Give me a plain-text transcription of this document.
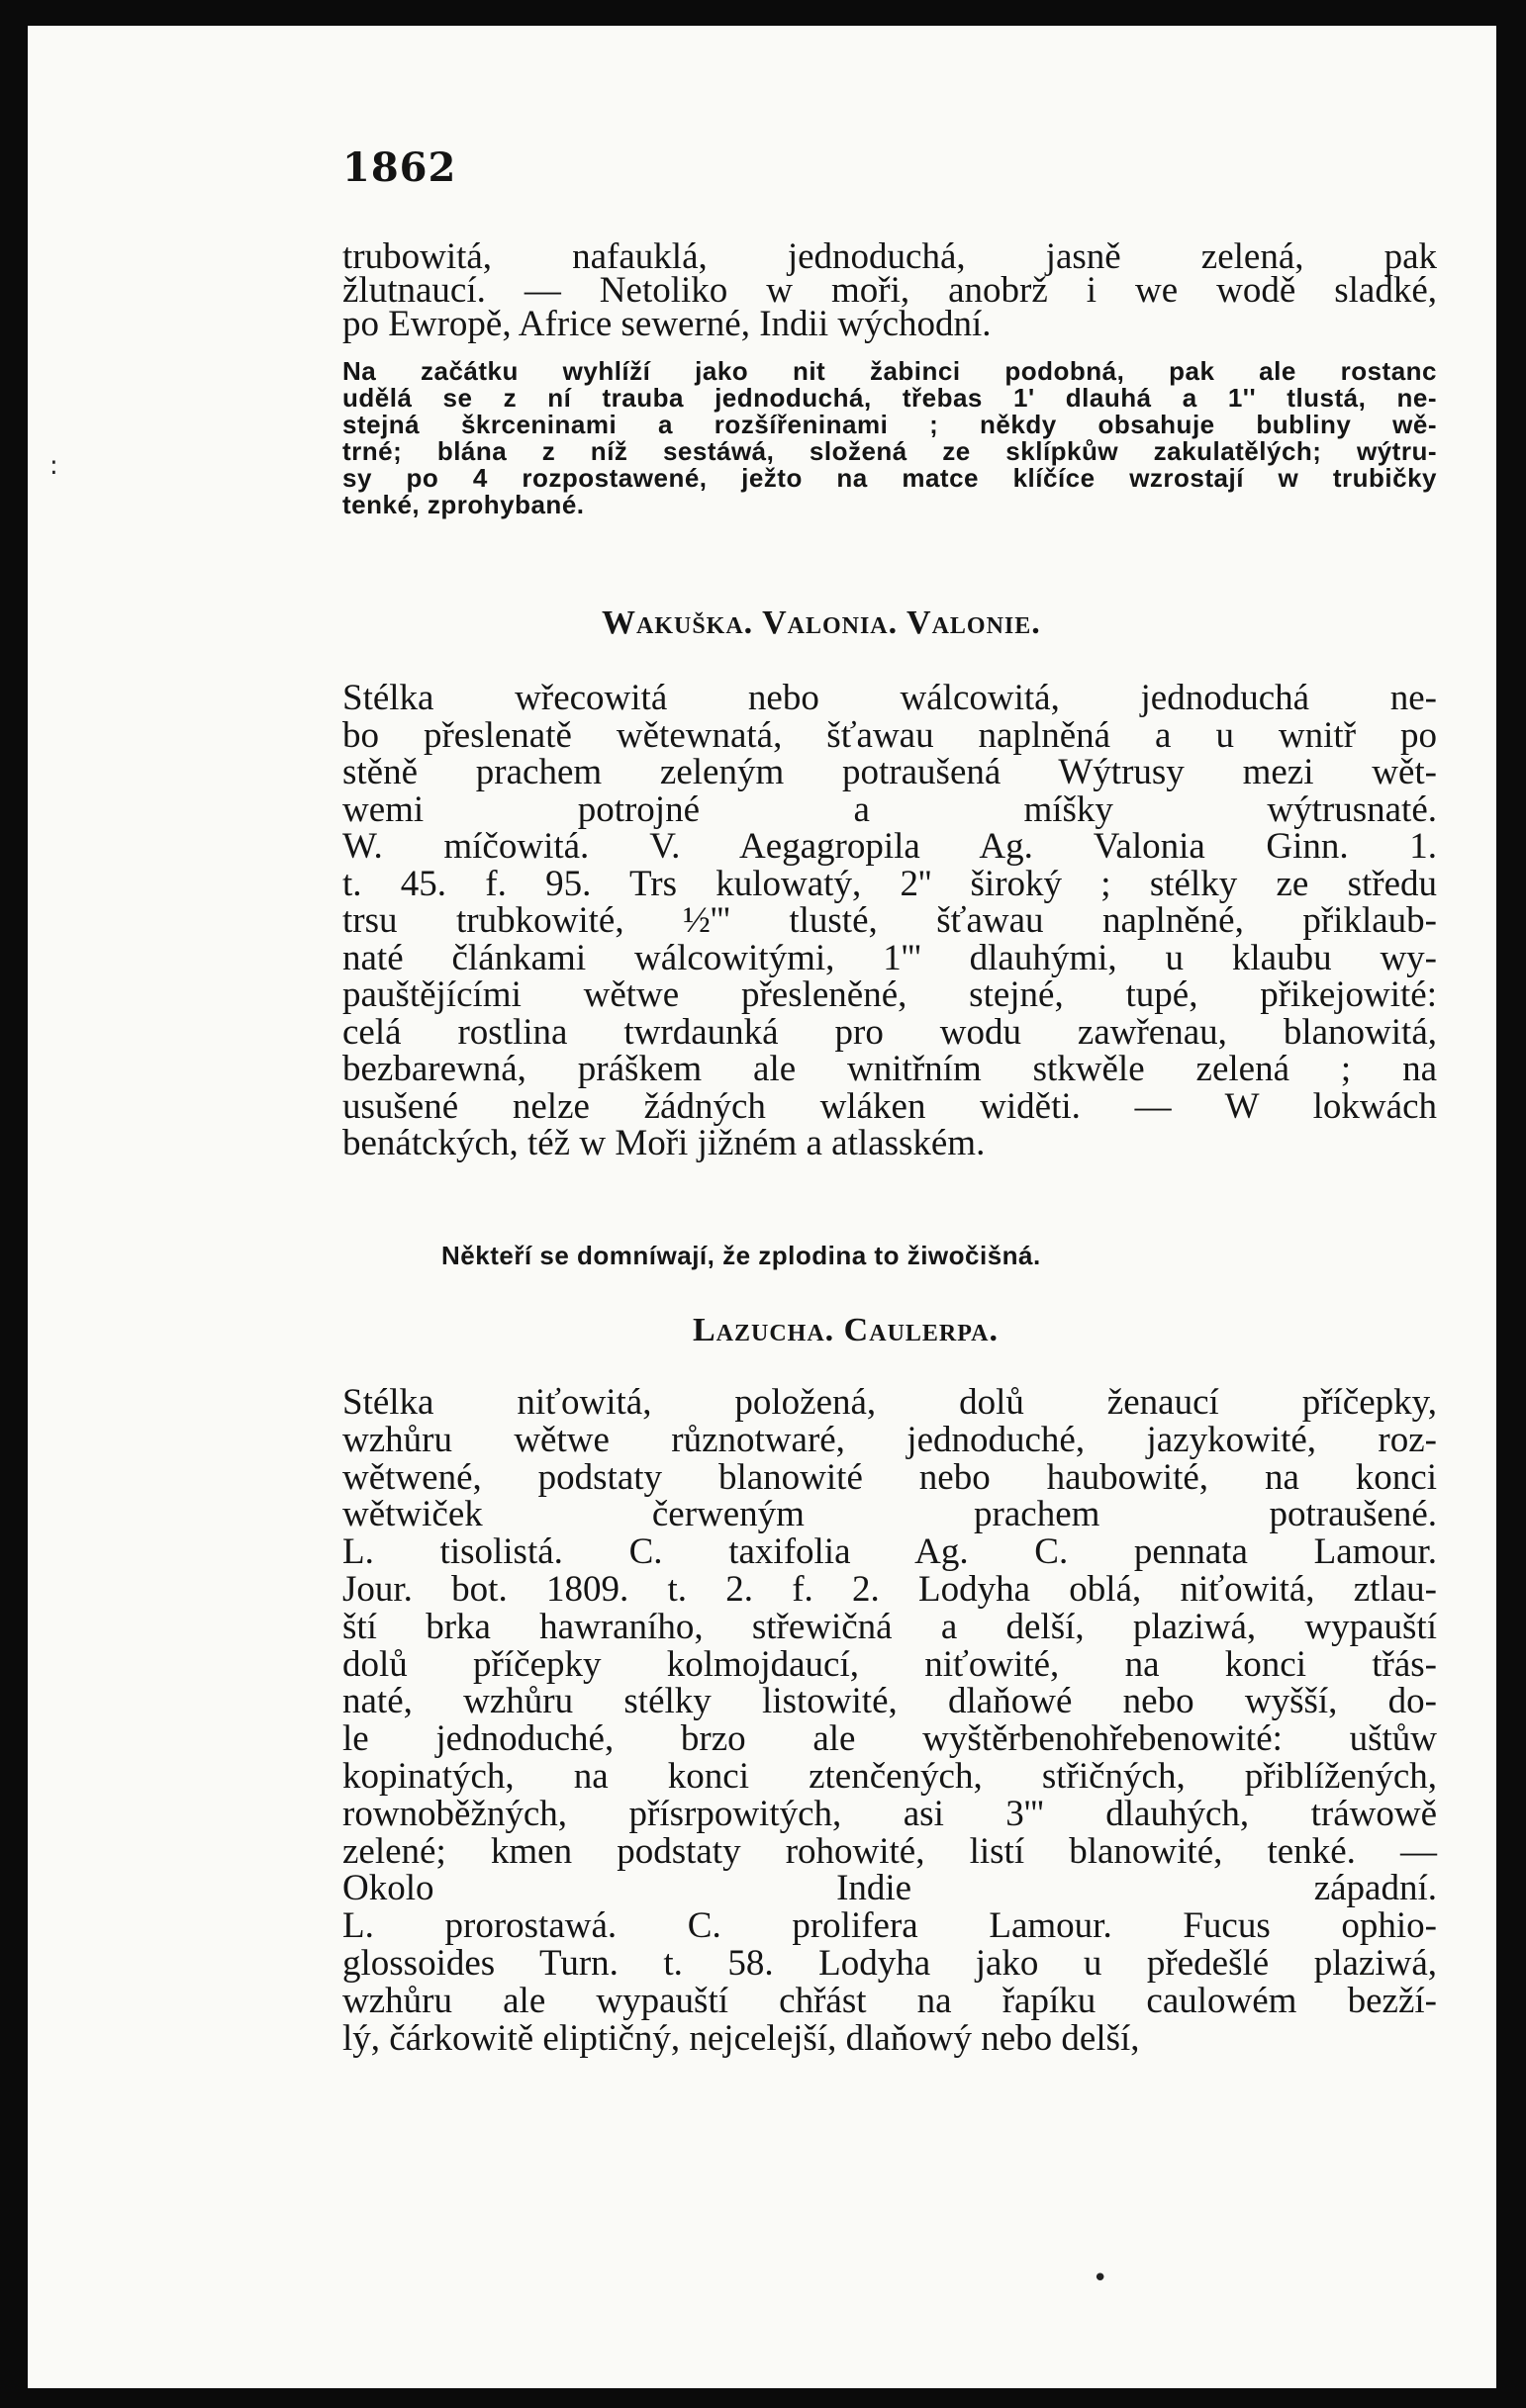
1862
trubowitá, nafauklá, jednoduchá, jasně zelená, pak
žlutnaucí. — Netoliko w moři, anobrž i we wodě sladké,
po Ewropě, Africe sewerné, Indii wýchodní.
Na začátku wyhlíží jako nit žabinci podobná, pak ale rostanc
udělá se z ní trauba jednoduchá, třebas 1' dlauhá a 1'' tlustá, ne-
stejná škrceninami a rozšířeninami ; někdy obsahuje bubliny wě-
trné; blána z níž sestáwá, složená ze sklípkůw zakulatělých; wýtru-
sy po 4 rozpostawené, ježto na matce klíčíce wzrostají w trubičky
tenké, zprohybané.
Wakuška. Valonia. Valonie.
Stélka wřecowitá nebo wálcowitá, jednoduchá ne-
bo přeslenatě wětewnatá, šťawau naplněná a u wnitř po
stěně prachem zeleným potraušená Wýtrusy mezi wět-
wemi potrojné a míšky wýtrusnaté.
W. míčowitá. V. Aegagropila Ag. Valonia Ginn. 1.
t. 45. f. 95. Trs kulowatý, 2'' široký ; stélky ze středu
trsu trubkowité, ½''' tlusté, šťawau naplněné, přiklaub-
naté článkami wálcowitými, 1''' dlauhými, u klaubu wy-
pauštějícími wětwe přesleněné, stejné, tupé, přikejowité:
celá rostlina twrdaunká pro wodu zawřenau, blanowitá,
bezbarewná, práškem ale wnitřním stkwěle zelená ; na
usušené nelze žádných wláken widěti. — W lokwách
benátckých, též w Moři jižném a atlasském.
Někteří se domníwají, že zplodina to žiwočišná.
Lazucha. Caulerpa.
Stélka niťowitá, položená, dolů ženaucí příčepky,
wzhůru wětwe různotwaré, jednoduché, jazykowité, roz-
wětwené, podstaty blanowité nebo haubowité, na konci
wětwiček čerweným prachem potraušené.
L. tisolistá. C. taxifolia Ag. C. pennata Lamour.
Jour. bot. 1809. t. 2. f. 2. Lodyha oblá, niťowitá, ztlau-
ští brka hawraního, střewičná a delší, plaziwá, wypauští
dolů příčepky kolmojdaucí, niťowité, na konci třás-
naté, wzhůru stélky listowité, dlaňowé nebo wyšší, do-
le jednoduché, brzo ale wyštěrbenohřebenowité: uštůw
kopinatých, na konci ztenčených, střičných, přiblížených,
rownoběžných, přísrpowitých, asi 3''' dlauhých, tráwowě
zelené; kmen podstaty rohowité, listí blanowité, tenké. —
Okolo Indie západní.
L. prorostawá. C. prolifera Lamour. Fucus ophio-
glossoides Turn. t. 58. Lodyha jako u předešlé plaziwá,
wzhůru ale wypauští chřást na řapíku caulowém bezží-
lý, čárkowitě eliptičný, nejcelejší, dlaňowý nebo delší,
:
•
